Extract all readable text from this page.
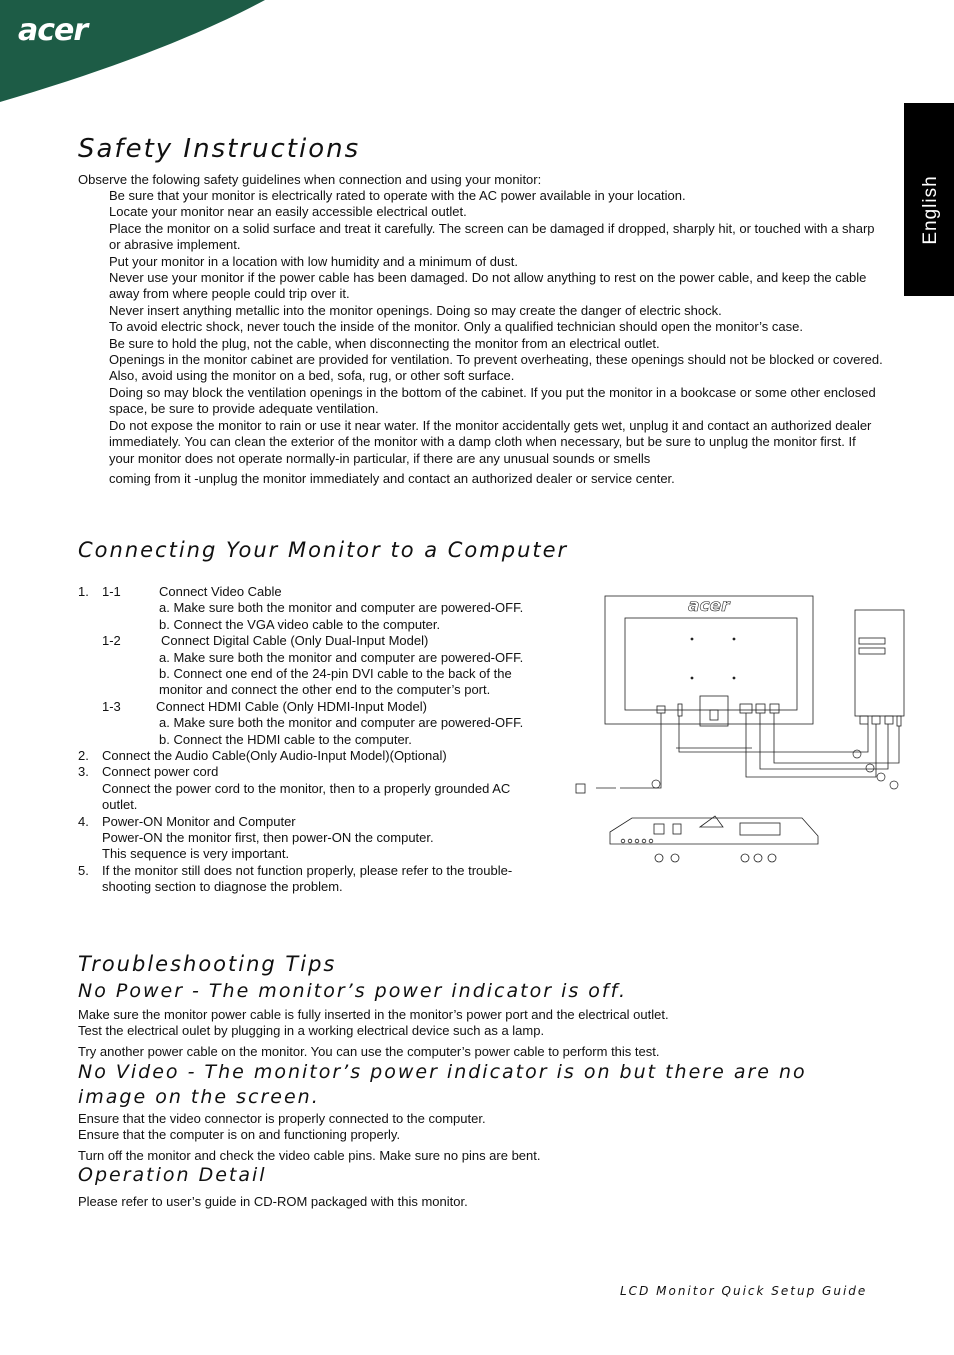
acer
English
Safety Instructions
Observe the folowing safety guidelines when connection and using your monitor:

Be sure that your monitor is electrically rated to operate with the AC power available in your location.

Locate your monitor near an easily accessible electrical outlet.

Place the monitor on a solid surface and treat it carefully. The screen can be damaged if dropped, sharply hit, or touched with a sharp or abrasive implement.

Put your monitor in a location with low humidity and a minimum of dust.

Never use your monitor if the power cable has been damaged. Do not allow anything to rest on the power cable, and keep the cable away from where people could trip over it.

Never insert anything metallic into the monitor openings. Doing so may create the danger of electric shock.

To avoid electric shock, never touch the inside of the monitor. Only a qualified technician should open the monitor’s case.

Be sure to hold the plug, not the cable, when disconnecting the monitor from an electrical outlet.

Openings in the monitor cabinet are provided for ventilation. To prevent overheating, these openings should not be blocked or covered. Also, avoid using the monitor on a bed, sofa, rug, or other soft surface.

Doing so may block the ventilation openings in the bottom of the cabinet. If you put the monitor in a bookcase or some other enclosed space, be sure to provide adequate ventilation.

Do not expose the monitor to rain or use it near water. If the monitor accidentally gets wet, unplug it and contact an authorized dealer immediately. You can clean the exterior of the monitor with a damp cloth when necessary, but be sure to unplug the monitor first. If your monitor does not operate normally-in particular, if there are any unusual sounds or smells

coming from it -unplug the monitor immediately and contact an authorized dealer or service center.

Connecting Your Monitor to a Computer
1. 1-1	Connect Video Cable
a. Make sure both the monitor and computer are powered-OFF.
b. Connect the VGA video cable to the computer.
1-2	Connect Digital Cable (Only Dual-Input Model)
a. Make sure both the monitor and computer are powered-OFF.
b. Connect one end of the 24-pin DVI cable to the back of the
monitor and connect the other end to the computer’s port.
1-3	Connect HDMI Cable (Only HDMI-Input Model)
a. Make sure both the monitor and computer are powered-OFF.
b. Connect the HDMI cable to the computer.
2.	Connect the Audio Cable(Only Audio-Input Model)(Optional)
3.	Connect power cord
Connect the power cord to the monitor, then to a properly grounded AC
outlet.
4.	Power-ON Monitor and Computer
Power-ON the monitor first, then power-ON the computer.
This sequence is very important.
5.	If the monitor still does not function properly, please refer to the trouble-
shooting section to diagnose the problem.
acer
Troubleshooting Tips
No Power - The monitor’s power indicator is off.
Make sure the monitor power cable is fully inserted in the monitor’s power port and the electrical outlet.
Test the electrical oulet by plugging in a working electrical device such as a lamp.
Try another power cable on the monitor. You can use the computer’s power cable to perform this test.
No Video - The monitor’s power indicator is on but there are no
image on the screen.
Ensure that the video connector is properly connected to the computer.
Ensure that the computer is on and functioning properly.
Turn off the monitor and check the video cable pins. Make sure no pins are bent.
Operation Detail
Please refer to user’s guide in CD-ROM packaged with this monitor.
LCD Monitor Quick Setup Guide
